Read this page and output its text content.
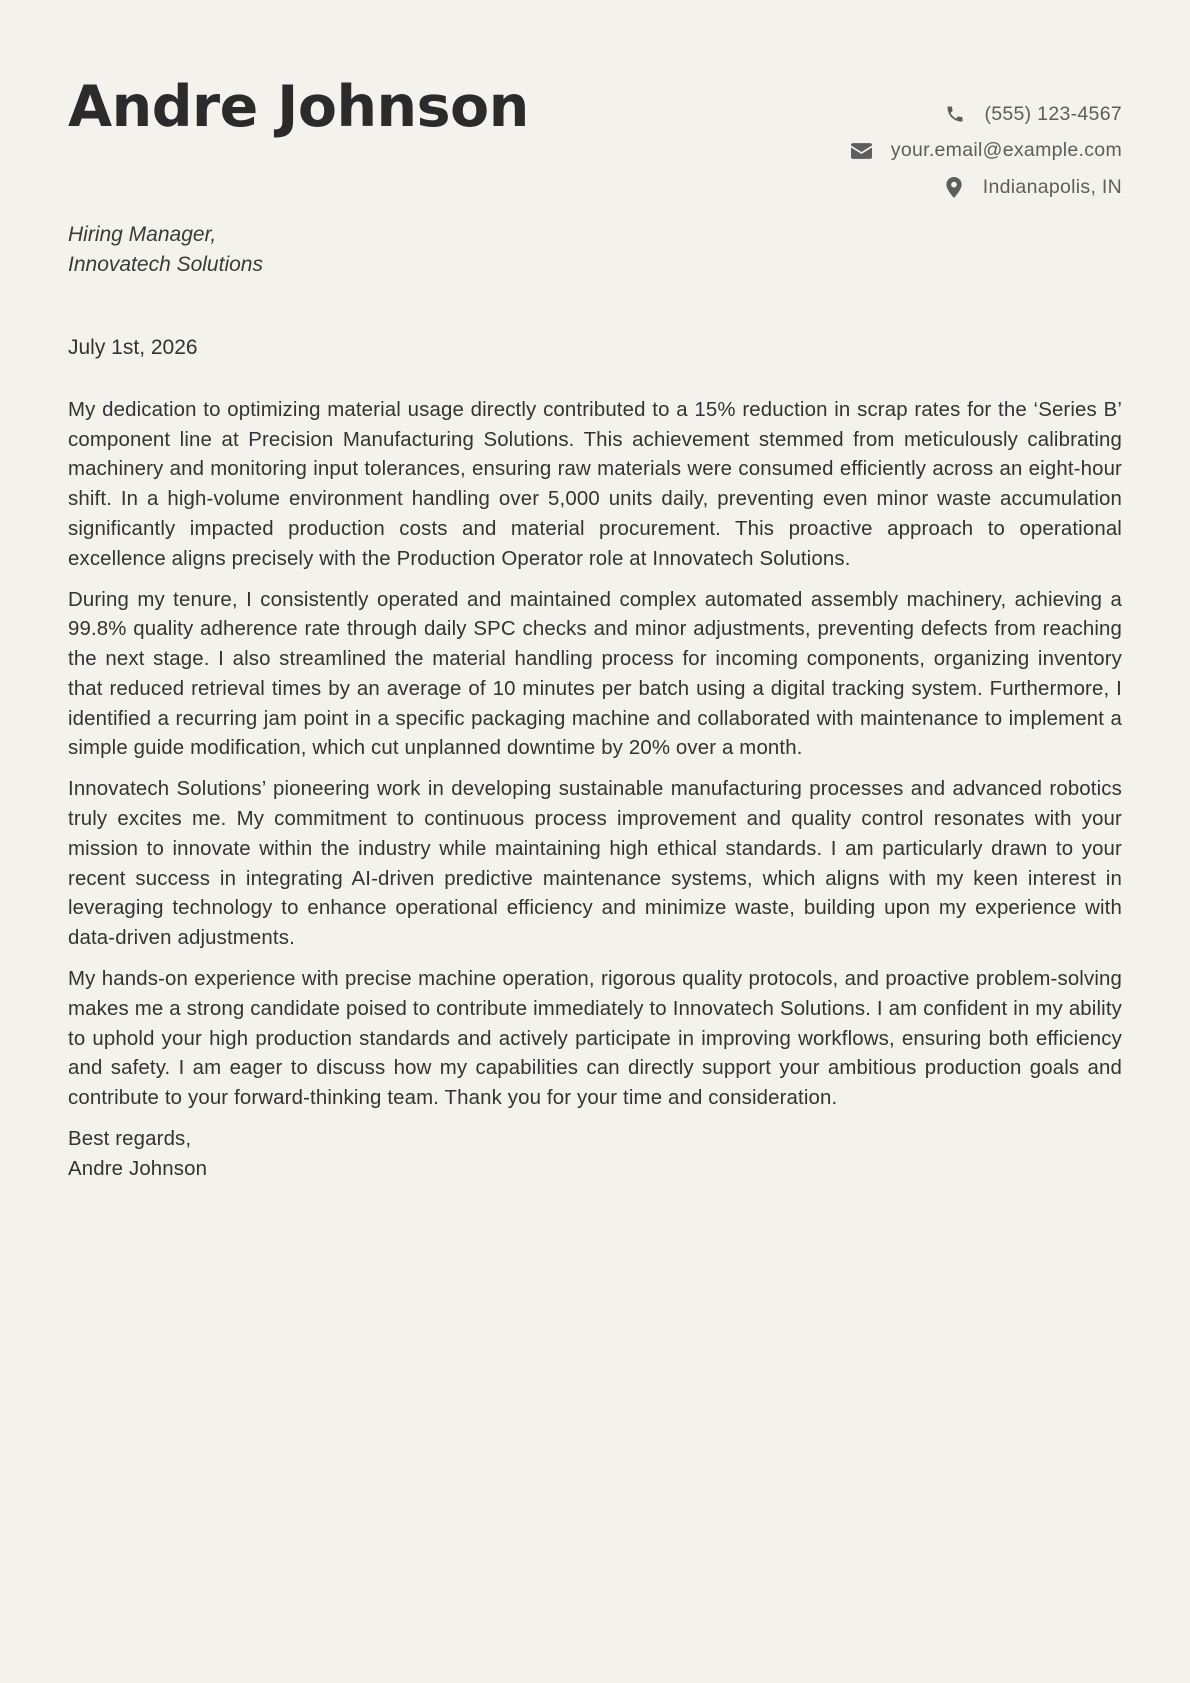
Andre Johnson	(555) 123-4567
your.email@example.com
Indianapolis, IN
Hiring Manager,
Innovatech Solutions
July 1st, 2026

My dedication to optimizing material usage directly contributed to a 15% reduction in scrap rates for the ‘Series B’ component line at Precision Manufacturing Solutions. This achievement stemmed from meticulously calibrating machinery and monitoring input tolerances, ensuring raw materials were consumed efficiently across an eight-hour shift. In a high-volume environment handling over 5,000 units daily, preventing even minor waste accumulation significantly impacted production costs and material procurement. This proactive approach to operational excellence aligns precisely with the Production Operator role at Innovatech Solutions.

During my tenure, I consistently operated and maintained complex automated assembly machinery, achieving a 99.8% quality adherence rate through daily SPC checks and minor adjustments, preventing defects from reaching the next stage. I also streamlined the material handling process for incoming components, organizing inventory that reduced retrieval times by an average of 10 minutes per batch using a digital tracking system. Furthermore, I identified a recurring jam point in a specific packaging machine and collaborated with maintenance to implement a simple guide modification, which cut unplanned downtime by 20% over a month.

Innovatech Solutions’ pioneering work in developing sustainable manufacturing processes and advanced robotics truly excites me. My commitment to continuous process improvement and quality control resonates with your mission to innovate within the industry while maintaining high ethical standards. I am particularly drawn to your recent success in integrating AI-driven predictive maintenance systems, which aligns with my keen interest in leveraging technology to enhance operational efficiency and minimize waste, building upon my experience with data-driven adjustments.

My hands-on experience with precise machine operation, rigorous quality protocols, and proactive problem-solving makes me a strong candidate poised to contribute immediately to Innovatech Solutions. I am confident in my ability to uphold your high production standards and actively participate in improving workflows, ensuring both efficiency and safety. I am eager to discuss how my capabilities can directly support your ambitious production goals and contribute to your forward-thinking team. Thank you for your time and consideration.

Best regards,
Andre Johnson
